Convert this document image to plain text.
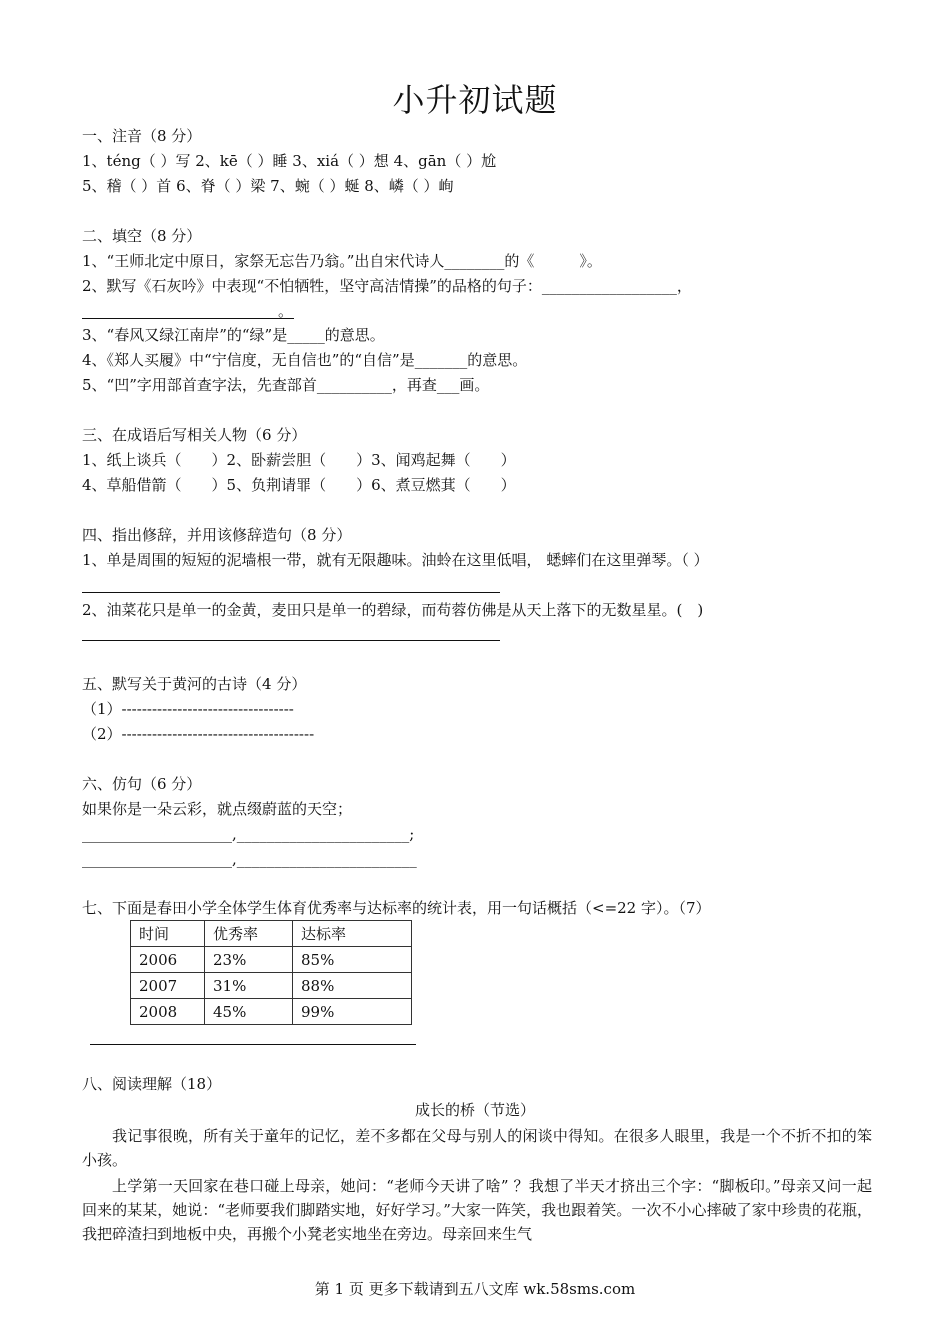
小升初试题
一、注音（8 分）
1、téng（ ）写 2、kē（ ）睡 3、xiá（ ）想 4、gān（ ）尬
5、稽（ ）首 6、脊（ ）梁 7、蜿（ ）蜒 8、嶙（ ）峋
二、填空（8 分）
1、“王师北定中原日，家祭无忘告乃翁。”出自宋代诗人________的《　　　》。
2、默写《石灰吟》中表现“不怕牺牲，坚守高洁情操”的品格的句子：__________________，
。
3、“春风又绿江南岸”的“绿”是_____的意思。
4、《郑人买履》中“宁信度，无自信也”的“自信”是_______的意思。
5、“凹”字用部首查字法，先查部首__________，再查___画。
三、在成语后写相关人物（6 分）
1、纸上谈兵（　　）2、卧薪尝胆（　　）3、闻鸡起舞（　　）
4、草船借箭（　　）5、负荆请罪（　　）6、煮豆燃萁（　　）
四、指出修辞，并用该修辞造句（8 分）
1、单是周围的短短的泥墙根一带，就有无限趣味。油蛉在这里低唱， 蟋蟀们在这里弹琴。（ ）
2、油菜花只是单一的金黄，麦田只是单一的碧绿，而苟蓉仿佛是从天上落下的无数星星。(　)
五、默写关于黄河的古诗（4 分）
（1）----------------------------------
（2）--------------------------------------
六、仿句（6 分）
如果你是一朵云彩，就点缀蔚蓝的天空；
____________________,_______________________;
____________________,________________________
七、下面是春田小学全体学生体育优秀率与达标率的统计表，用一句话概括（<=22 字）。（7）
时间	优秀率	达标率
2006	23%	85%
2007	31%	88%
2008	45%	99%
八、阅读理解（18）
成长的桥（节选）
我记事很晚，所有关于童年的记忆，差不多都在父母与别人的闲谈中得知。在很多人眼里，我是一个不折不扣的笨小孩。
上学第一天回家在巷口碰上母亲，她问：“老师今天讲了啥” ？我想了半天才挤出三个字：“脚板印。”母亲又问一起回来的某某，她说：“老师要我们脚踏实地，好好学习。”大家一阵笑，我也跟着笑。一次不小心摔破了家中珍贵的花瓶，我把碎渣扫到地板中央，再搬个小凳老实地坐在旁边。母亲回来生气
第 1 页 更多下载请到五八文库 wk.58sms.com
